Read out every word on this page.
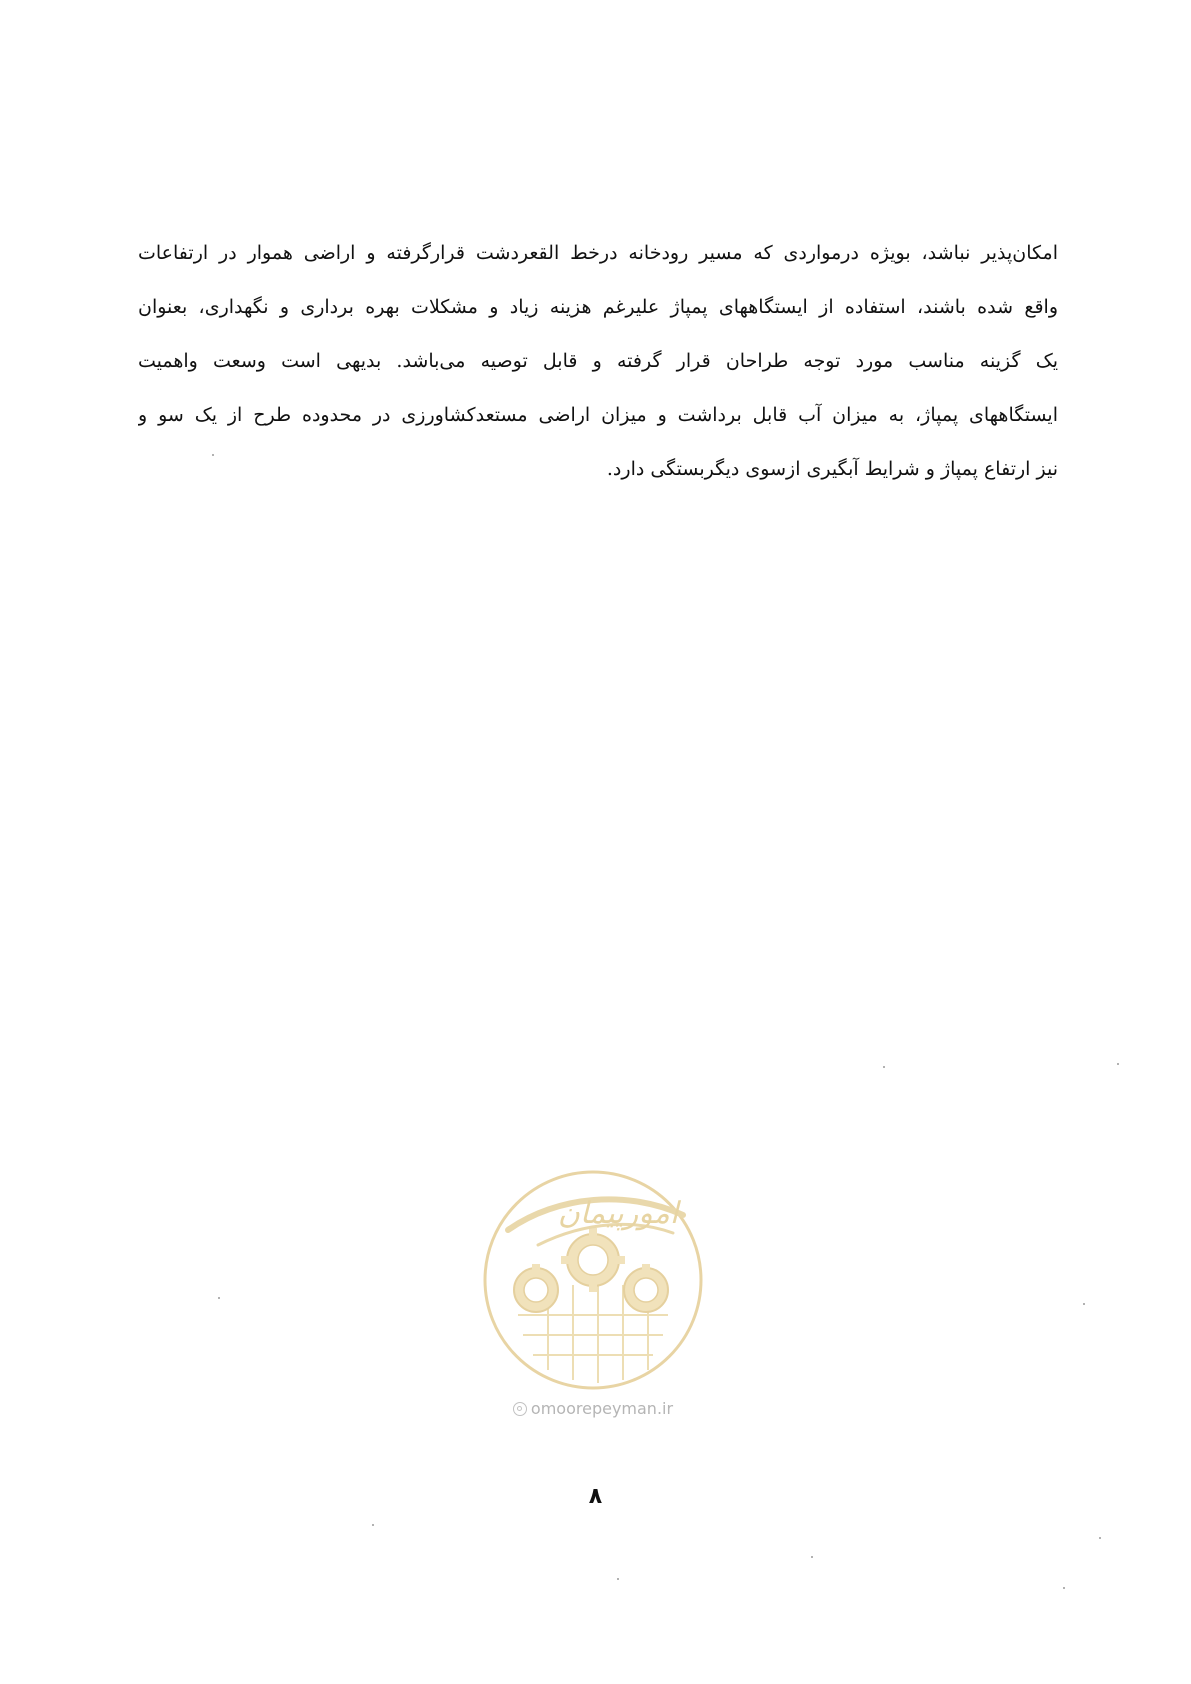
امکان‌پذیر نباشد، بویژه درمواردی که مسیر رودخانه درخط القعردشت قرارگرفته و اراضی هموار در ارتفاعات
واقع شده باشند، استفاده از ایستگاههای پمپاژ علیرغم هزینه زیاد و مشکلات بهره برداری و نگهداری، بعنوان
یک گزینه مناسب مورد توجه طراحان قرار گرفته و قابل توصیه می‌باشد. بدیهی است وسعت واهمیت
ایستگاههای پمپاژ، به میزان آب قابل برداشت و میزان اراضی مستعدکشاورزی در محدوده طرح از یک سو و
نیز ارتفاع پمپاژ و شرایط آبگیری ازسوی دیگربستگی دارد.
امورپیمان
omoorepeyman.ir
۸
